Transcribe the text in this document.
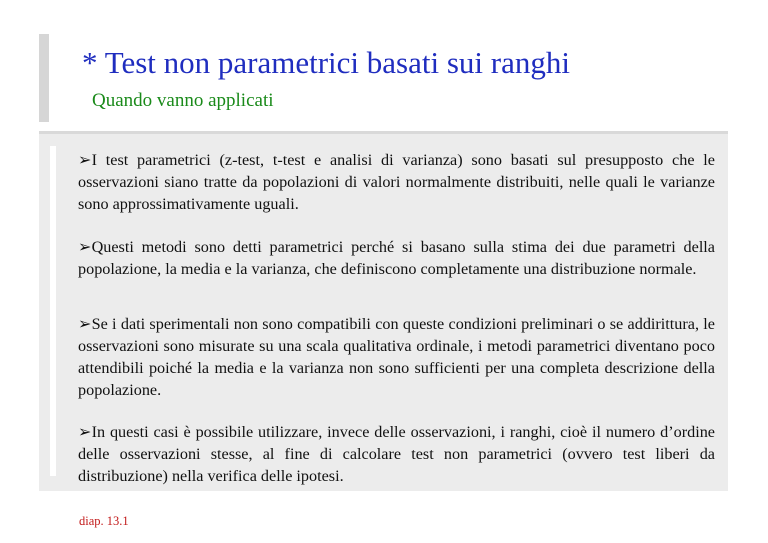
* Test non parametrici basati sui ranghi
Quando vanno applicati

➢I test parametrici (z-test, t-test e analisi di varianza) sono basati sul presupposto che le osservazioni siano tratte da popolazioni di valori normalmente distribuiti, nelle quali le varianze sono approssimativamente uguali.

➢Questi metodi sono detti parametrici perché si basano sulla stima dei due parametri della popolazione, la media e la varianza, che definiscono completamente una distribuzione normale.

➢Se i dati sperimentali non sono compatibili con queste condizioni preliminari o se addirittura, le osservazioni sono misurate su una scala qualitativa ordinale, i metodi parametrici diventano poco attendibili poiché la media e la varianza non sono sufficienti per una completa descrizione della popolazione.

➢In questi casi è possibile utilizzare, invece delle osservazioni, i ranghi, cioè il numero d’ordine delle osservazioni stesse, al fine di calcolare test non parametrici (ovvero test liberi da distribuzione) nella verifica delle ipotesi.

diap. 13.1
